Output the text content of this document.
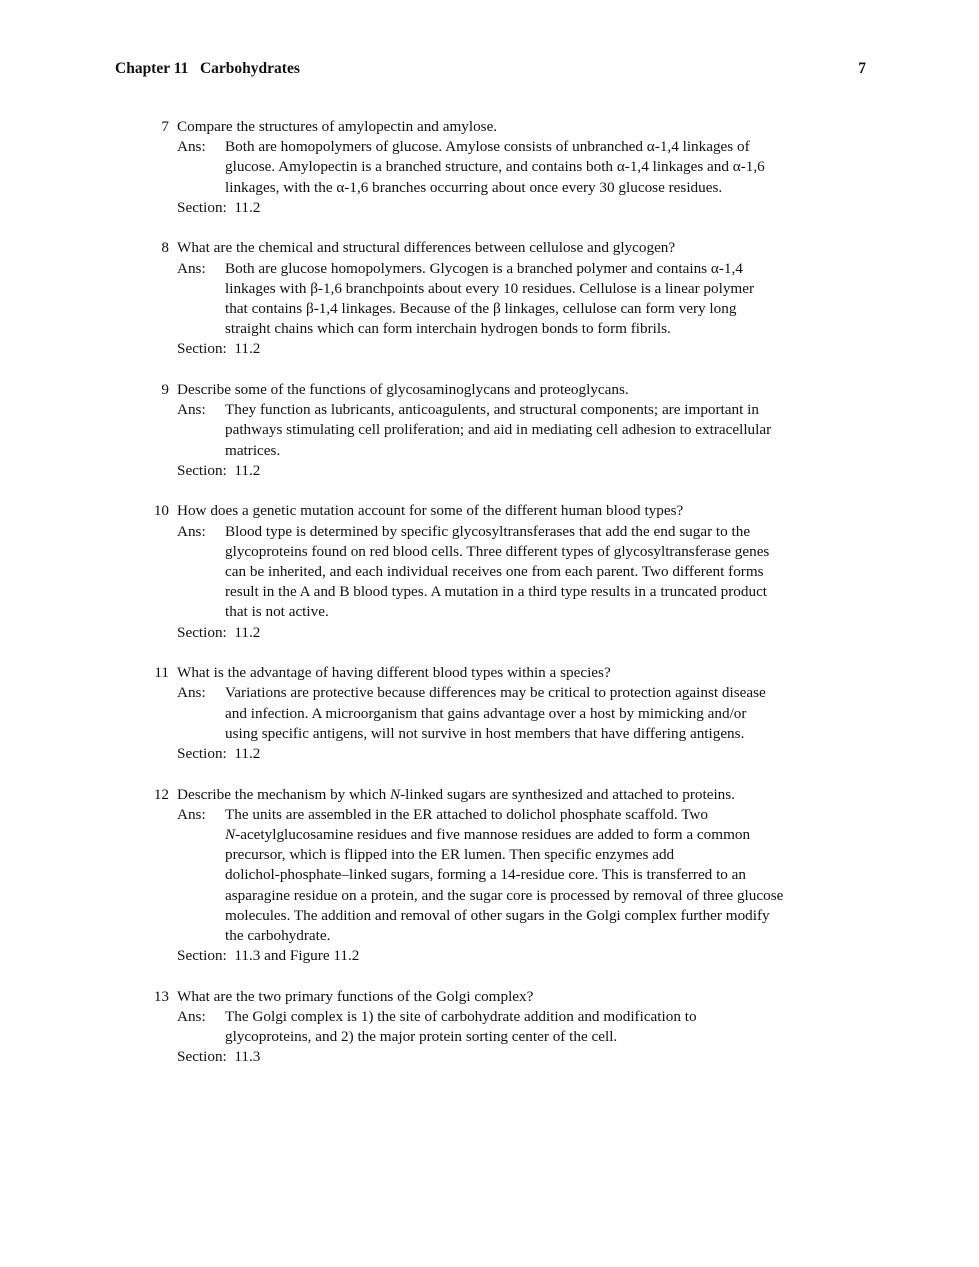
Chapter 11   Carbohydrates	7
7 Compare the structures of amylopectin and amylose.
Ans: Both are homopolymers of glucose. Amylose consists of unbranched α-1,4 linkages of
glucose. Amylopectin is a branched structure, and contains both α-1,4 linkages and α-1,6
linkages, with the α-1,6 branches occurring about once every 30 glucose residues.
Section: 11.2
8 What are the chemical and structural differences between cellulose and glycogen?
Ans: Both are glucose homopolymers. Glycogen is a branched polymer and contains α-1,4
linkages with β-1,6 branchpoints about every 10 residues. Cellulose is a linear polymer
that contains β-1,4 linkages. Because of the β linkages, cellulose can form very long
straight chains which can form interchain hydrogen bonds to form fibrils.
Section: 11.2
9 Describe some of the functions of glycosaminoglycans and proteoglycans.
Ans: They function as lubricants, anticoagulents, and structural components; are important in
pathways stimulating cell proliferation; and aid in mediating cell adhesion to extracellular
matrices.
Section: 11.2
10 How does a genetic mutation account for some of the different human blood types?
Ans: Blood type is determined by specific glycosyltransferases that add the end sugar to the
glycoproteins found on red blood cells. Three different types of glycosyltransferase genes
can be inherited, and each individual receives one from each parent. Two different forms
result in the A and B blood types. A mutation in a third type results in a truncated product
that is not active.
Section: 11.2
11 What is the advantage of having different blood types within a species?
Ans: Variations are protective because differences may be critical to protection against disease
and infection. A microorganism that gains advantage over a host by mimicking and/or
using specific antigens, will not survive in host members that have differing antigens.
Section: 11.2
12 Describe the mechanism by which N-linked sugars are synthesized and attached to proteins.
Ans: The units are assembled in the ER attached to dolichol phosphate scaffold. Two
N-acetylglucosamine residues and five mannose residues are added to form a common
precursor, which is flipped into the ER lumen. Then specific enzymes add
dolichol-phosphate–linked sugars, forming a 14-residue core. This is transferred to an
asparagine residue on a protein, and the sugar core is processed by removal of three glucose
molecules. The addition and removal of other sugars in the Golgi complex further modify
the carbohydrate.
Section: 11.3 and Figure 11.2
13 What are the two primary functions of the Golgi complex?
Ans: The Golgi complex is 1) the site of carbohydrate addition and modification to
glycoproteins, and 2) the major protein sorting center of the cell.
Section: 11.3
